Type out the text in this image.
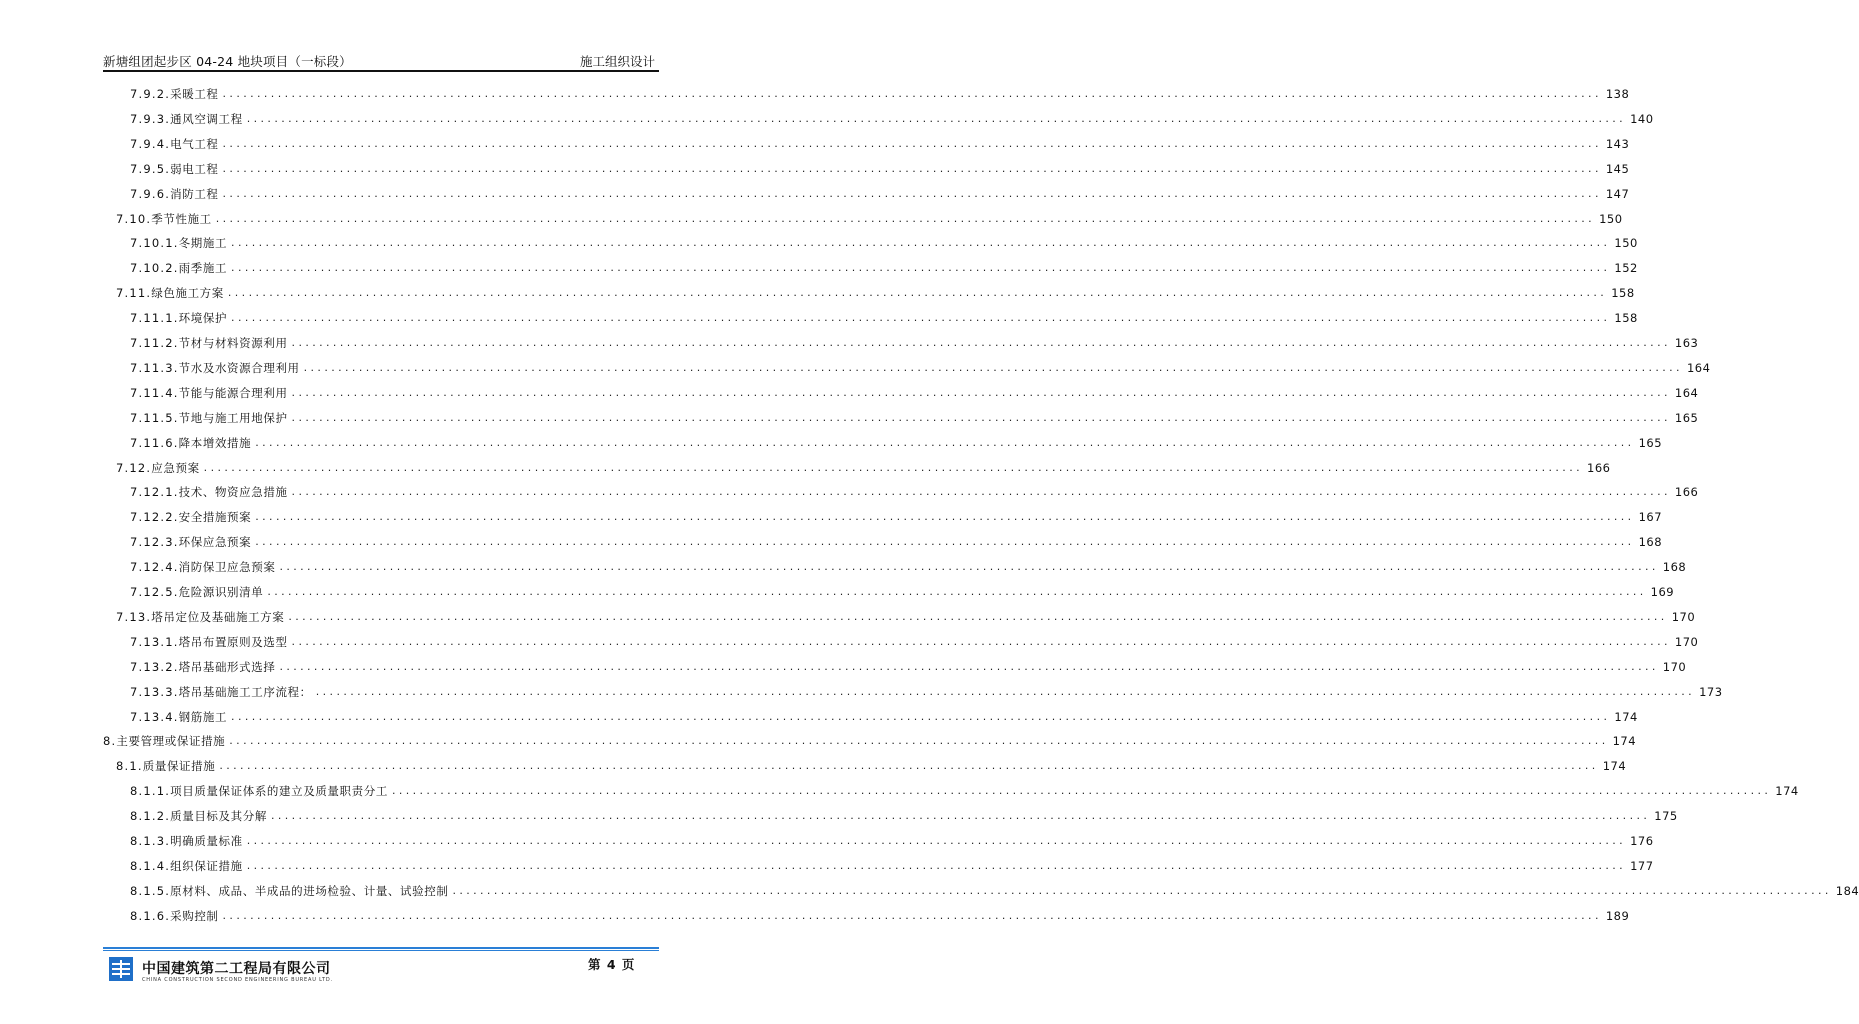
新塘组团起步区 04-24 地块项目（一标段）	施工组织设计
7.9.2. 采暖工程 ........................................................................................................................................................................................................ 138
7.9.3. 通风空调工程 ........................................................................................................................................................................................................ 140
7.9.4. 电气工程 ........................................................................................................................................................................................................ 143
7.9.5. 弱电工程 ........................................................................................................................................................................................................ 145
7.9.6. 消防工程 ........................................................................................................................................................................................................ 147
7.10. 季节性施工 ........................................................................................................................................................................................................ 150
7.10.1. 冬期施工 ........................................................................................................................................................................................................ 150
7.10.2. 雨季施工 ........................................................................................................................................................................................................ 152
7.11. 绿色施工方案 ........................................................................................................................................................................................................ 158
7.11.1. 环境保护 ........................................................................................................................................................................................................ 158
7.11.2. 节材与材料资源利用 ........................................................................................................................................................................................................ 163
7.11.3. 节水及水资源合理利用 ........................................................................................................................................................................................................ 164
7.11.4. 节能与能源合理利用 ........................................................................................................................................................................................................ 164
7.11.5. 节地与施工用地保护 ........................................................................................................................................................................................................ 165
7.11.6. 降本增效措施 ........................................................................................................................................................................................................ 165
7.12. 应急预案 ........................................................................................................................................................................................................ 166
7.12.1. 技术、物资应急措施 ........................................................................................................................................................................................................ 166
7.12.2. 安全措施预案 ........................................................................................................................................................................................................ 167
7.12.3. 环保应急预案 ........................................................................................................................................................................................................ 168
7.12.4. 消防保卫应急预案 ........................................................................................................................................................................................................ 168
7.12.5. 危险源识别清单 ........................................................................................................................................................................................................ 169
7.13. 塔吊定位及基础施工方案 ........................................................................................................................................................................................................ 170
7.13.1. 塔吊布置原则及选型 ........................................................................................................................................................................................................ 170
7.13.2. 塔吊基础形式选择 ........................................................................................................................................................................................................ 170
7.13.3. 塔吊基础施工工序流程： ........................................................................................................................................................................................................ 173
7.13.4. 钢筋施工 ........................................................................................................................................................................................................ 174
8. 主要管理或保证措施 ........................................................................................................................................................................................................ 174
8.1. 质量保证措施 ........................................................................................................................................................................................................ 174
8.1.1. 项目质量保证体系的建立及质量职责分工 ........................................................................................................................................................................................................ 174
8.1.2. 质量目标及其分解 ........................................................................................................................................................................................................ 175
8.1.3. 明确质量标准 ........................................................................................................................................................................................................ 176
8.1.4. 组织保证措施 ........................................................................................................................................................................................................ 177
8.1.5. 原材料、成品、半成品的进场检验、计量、试验控制 ........................................................................................................................................................................................................ 184
8.1.6. 采购控制 ........................................................................................................................................................................................................ 189
中国建筑第二工程局有限公司
CHINA CONSTRUCTION SECOND ENGINEERING BUREAU LTD.
第 4 页
